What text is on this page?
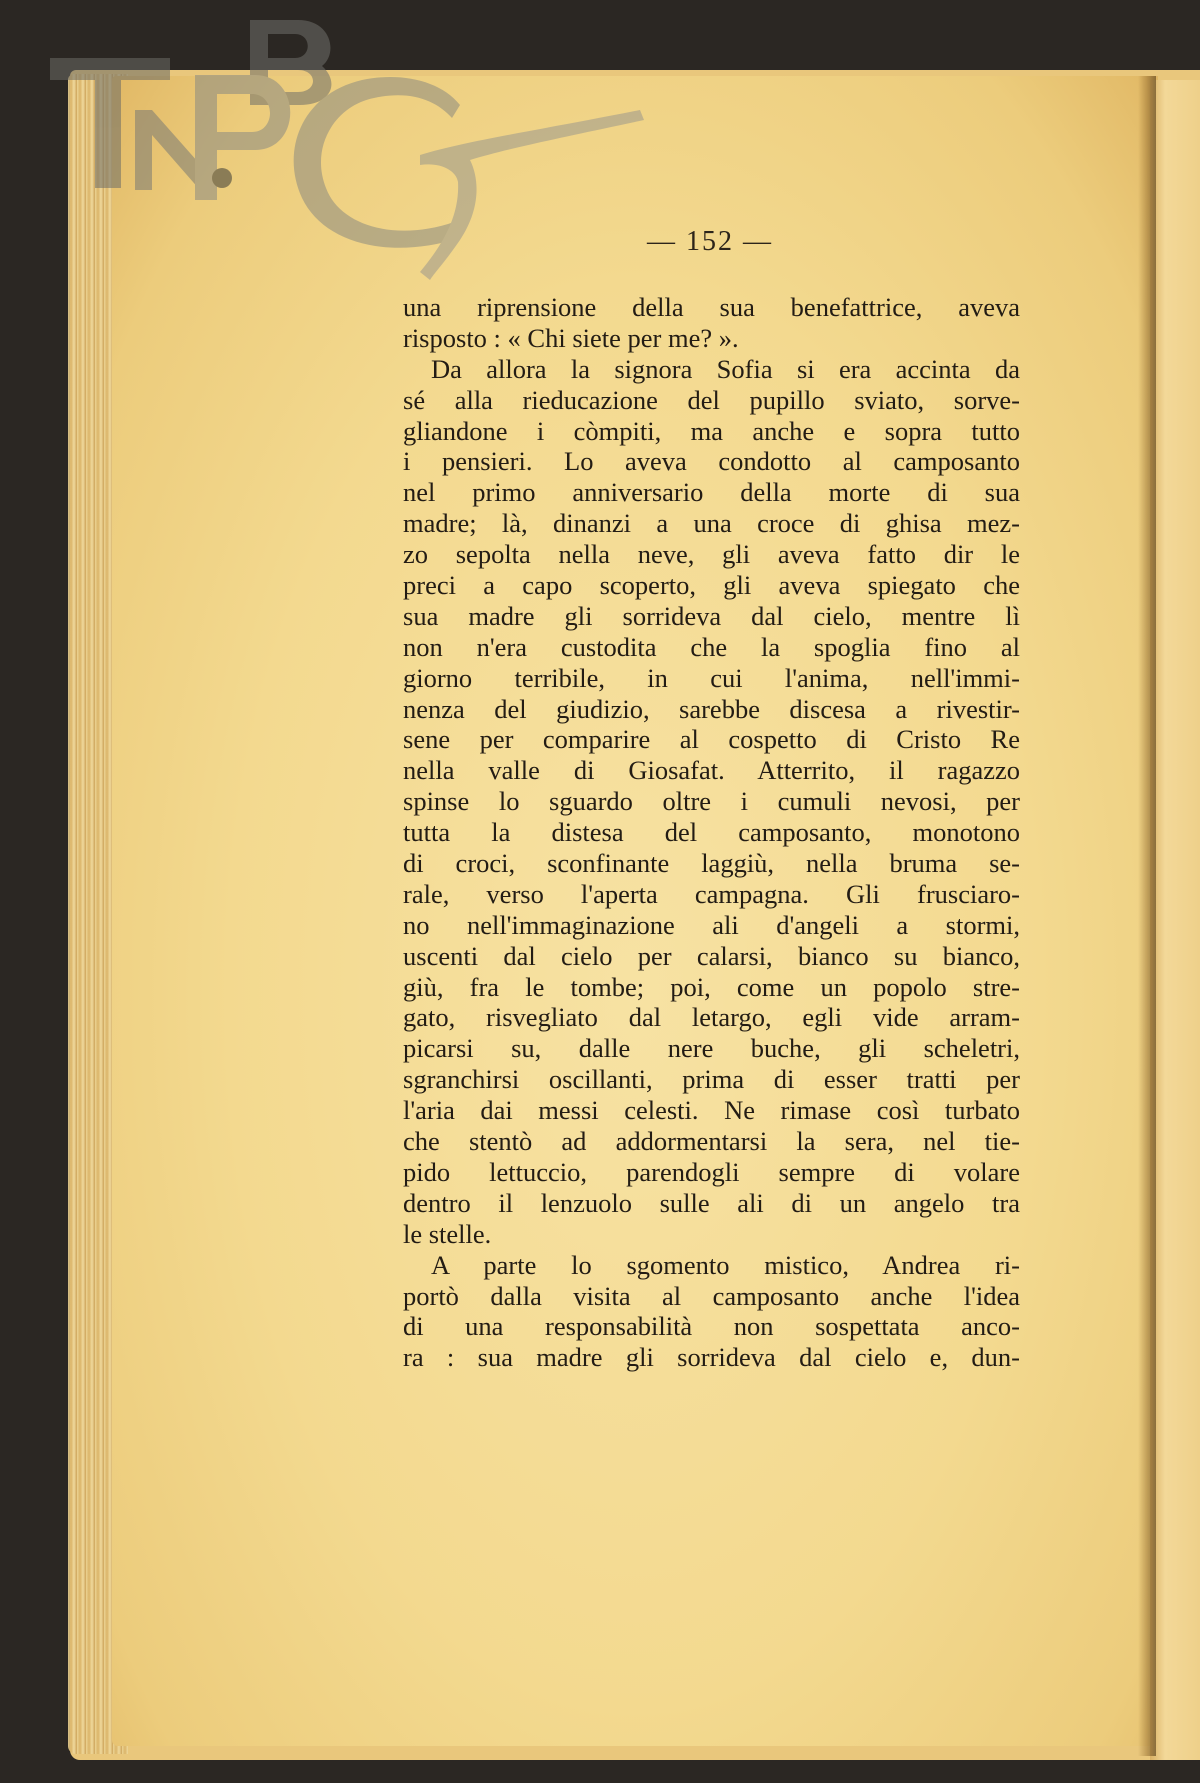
— 152 —
una riprensione della sua benefattrice, aveva
risposto : « Chi siete per me? ».
Da allora la signora Sofia si era accinta da
sé alla rieducazione del pupillo sviato, sorve-
gliandone i còmpiti, ma anche e sopra tutto
i pensieri. Lo aveva condotto al camposanto
nel primo anniversario della morte di sua
madre; là, dinanzi a una croce di ghisa mez-
zo sepolta nella neve, gli aveva fatto dir le
preci a capo scoperto, gli aveva spiegato che
sua madre gli sorrideva dal cielo, mentre lì
non n'era custodita che la spoglia fino al
giorno terribile, in cui l'anima, nell'immi-
nenza del giudizio, sarebbe discesa a rivestir-
sene per comparire al cospetto di Cristo Re
nella valle di Giosafat. Atterrito, il ragazzo
spinse lo sguardo oltre i cumuli nevosi, per
tutta la distesa del camposanto, monotono
di croci, sconfinante laggiù, nella bruma se-
rale, verso l'aperta campagna. Gli frusciaro-
no nell'immaginazione ali d'angeli a stormi,
uscenti dal cielo per calarsi, bianco su bianco,
giù, fra le tombe; poi, come un popolo stre-
gato, risvegliato dal letargo, egli vide arram-
picarsi su, dalle nere buche, gli scheletri,
sgranchirsi oscillanti, prima di esser tratti per
l'aria dai messi celesti. Ne rimase così turbato
che stentò ad addormentarsi la sera, nel tie-
pido lettuccio, parendogli sempre di volare
dentro il lenzuolo sulle ali di un angelo tra
le stelle.
A parte lo sgomento mistico, Andrea ri-
portò dalla visita al camposanto anche l'idea
di una responsabilità non sospettata anco-
ra : sua madre gli sorrideva dal cielo e, dun-
